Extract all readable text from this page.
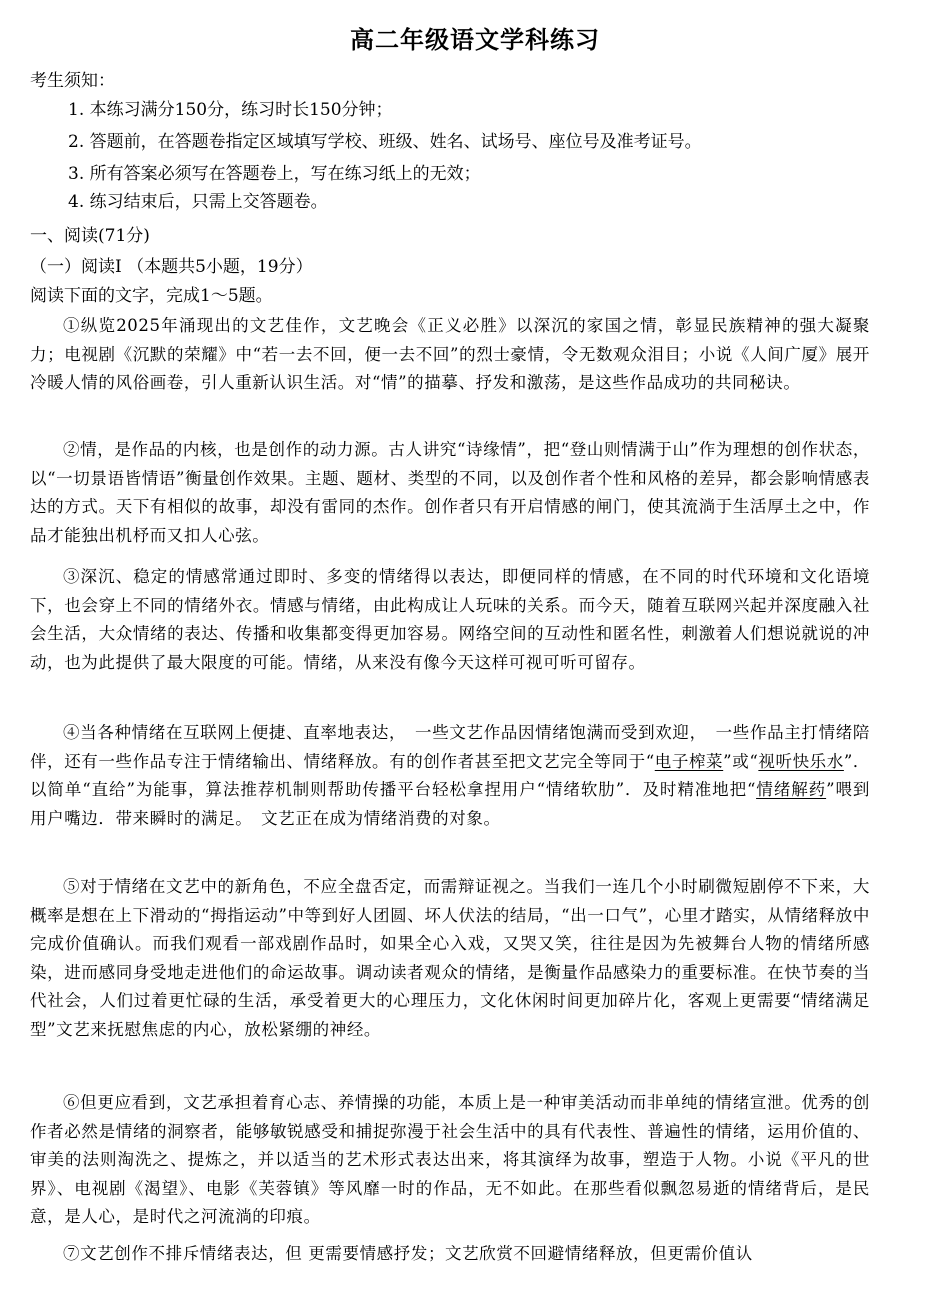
高二年级语文学科练习
考生须知：
1. 本练习满分150分，练习时长150分钟；
2. 答题前，在答题卷指定区域填写学校、班级、姓名、试场号、座位号及准考证号。
3. 所有答案必须写在答题卷上，写在练习纸上的无效；
4. 练习结束后，只需上交答题卷。
一、阅读(71分)
（一）阅读I （本题共5小题，19分）
阅读下面的文字，完成1～5题。

①纵览2025年涌现出的文艺佳作，文艺晚会《正义必胜》以深沉的家国之情，彰显民族精神的强大凝聚力；电视剧《沉默的荣耀》中“若一去不回，便一去不回”的烈士豪情，令无数观众泪目；小说《人间广厦》展开冷暖人情的风俗画卷，引人重新认识生活。对“情”的描摹、抒发和激荡，是这些作品成功的共同秘诀。

②情，是作品的内核，也是创作的动力源。古人讲究“诗缘情”，把“登山则情满于山”作为理想的创作状态，以“一切景语皆情语”衡量创作效果。主题、题材、类型的不同，以及创作者个性和风格的差异，都会影响情感表达的方式。天下有相似的故事，却没有雷同的杰作。创作者只有开启情感的闸门，使其流淌于生活厚土之中，作品才能独出机杼而又扣人心弦。

③深沉、稳定的情感常通过即时、多变的情绪得以表达，即便同样的情感，在不同的时代环境和文化语境下，也会穿上不同的情绪外衣。情感与情绪，由此构成让人玩味的关系。而今天，随着互联网兴起并深度融入社会生活，大众情绪的表达、传播和收集都变得更加容易。网络空间的互动性和匿名性，刺激着人们想说就说的冲动，也为此提供了最大限度的可能。情绪，从来没有像今天这样可视可听可留存。

④当各种情绪在互联网上便捷、直率地表达，　一些文艺作品因情绪饱满而受到欢迎，　一些作品主打情绪陪伴，还有一些作品专注于情绪输出、情绪释放。有的创作者甚至把文艺完全等同于“电子榨菜”或“视听快乐水”．以简单“直给”为能事，算法推荐机制则帮助传播平台轻松拿捏用户“情绪软肋”．及时精准地把“情绪解药”喂到用户嘴边．带来瞬时的满足。　文艺正在成为情绪消费的对象。

⑤对于情绪在文艺中的新角色，不应全盘否定，而需辩证视之。当我们一连几个小时刷微短剧停不下来，大概率是想在上下滑动的“拇指运动”中等到好人团圆、坏人伏法的结局，“出一口气”，心里才踏实，从情绪释放中完成价值确认。而我们观看一部戏剧作品时，如果全心入戏，又哭又笑，往往是因为先被舞台人物的情绪所感染，进而感同身受地走进他们的命运故事。调动读者观众的情绪，是衡量作品感染力的重要标准。在快节奏的当代社会，人们过着更忙碌的生活，承受着更大的心理压力，文化休闲时间更加碎片化，客观上更需要“情绪满足型”文艺来抚慰焦虑的内心，放松紧绷的神经。

⑥但更应看到，文艺承担着育心志、养情操的功能，本质上是一种审美活动而非单纯的情绪宣泄。优秀的创作者必然是情绪的洞察者，能够敏锐感受和捕捉弥漫于社会生活中的具有代表性、普遍性的情绪，运用价值的、审美的法则淘洗之、提炼之，并以适当的艺术形式表达出来，将其演绎为故事，塑造于人物。小说《平凡的世界》、电视剧《渴望》、电影《芙蓉镇》等风靡一时的作品，无不如此。在那些看似飘忽易逝的情绪背后，是民意，是人心，是时代之河流淌的印痕。

⑦文艺创作不排斥情绪表达，但 更需要情感抒发；文艺欣赏不回避情绪释放，但更需价值认
